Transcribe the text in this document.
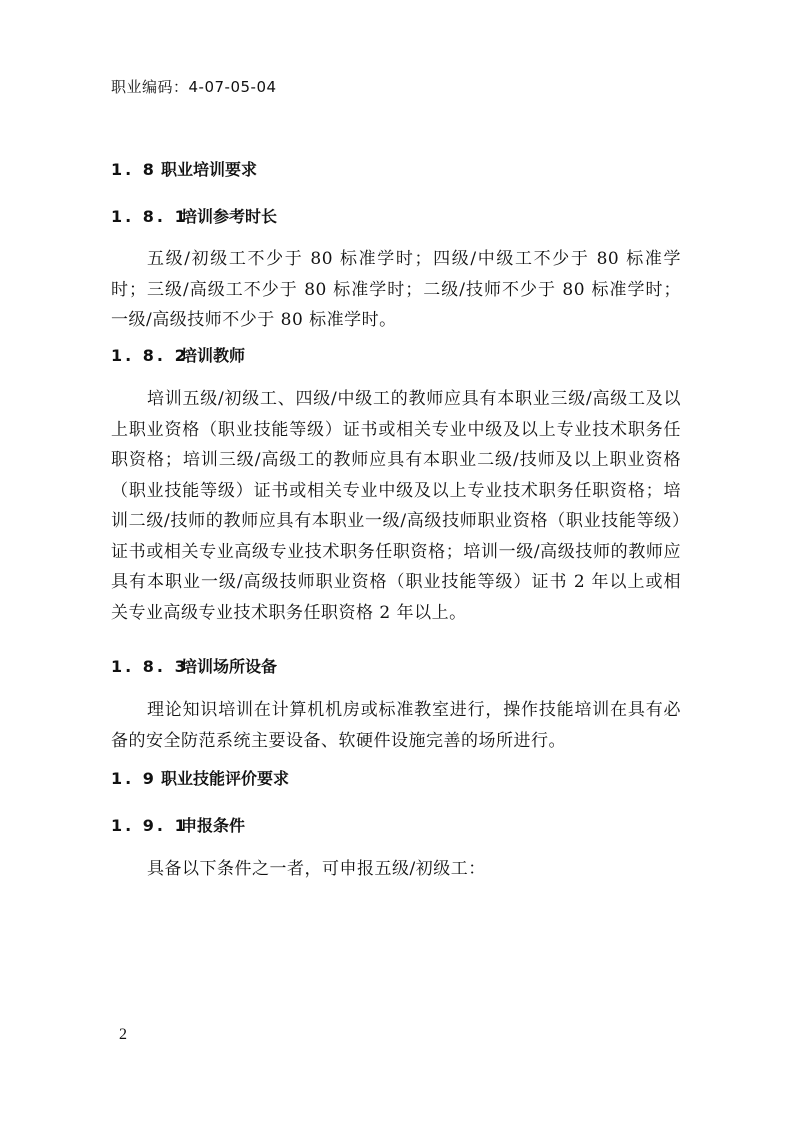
职业编码：4-07-05-04
1. 8 职业培训要求
1. 8. 1培训参考时长
五级/初级工不少于 80 标准学时；四级/中级工不少于 80 标准学时；三级/高级工不少于 80 标准学时；二级/技师不少于 80 标准学时；一级/高级技师不少于 80 标准学时。
1. 8. 2培训教师
培训五级/初级工、四级/中级工的教师应具有本职业三级/高级工及以上职业资格（职业技能等级）证书或相关专业中级及以上专业技术职务任职资格；培训三级/高级工的教师应具有本职业二级/技师及以上职业资格（职业技能等级）证书或相关专业中级及以上专业技术职务任职资格；培训二级/技师的教师应具有本职业一级/高级技师职业资格（职业技能等级）证书或相关专业高级专业技术职务任职资格；培训一级/高级技师的教师应具有本职业一级/高级技师职业资格（职业技能等级）证书 2 年以上或相关专业高级专业技术职务任职资格 2 年以上。
1. 8. 3培训场所设备
理论知识培训在计算机机房或标准教室进行，操作技能培训在具有必备的安全防范系统主要设备、软硬件设施完善的场所进行。
1. 9 职业技能评价要求
1. 9. 1申报条件
具备以下条件之一者，可申报五级/初级工：
2
